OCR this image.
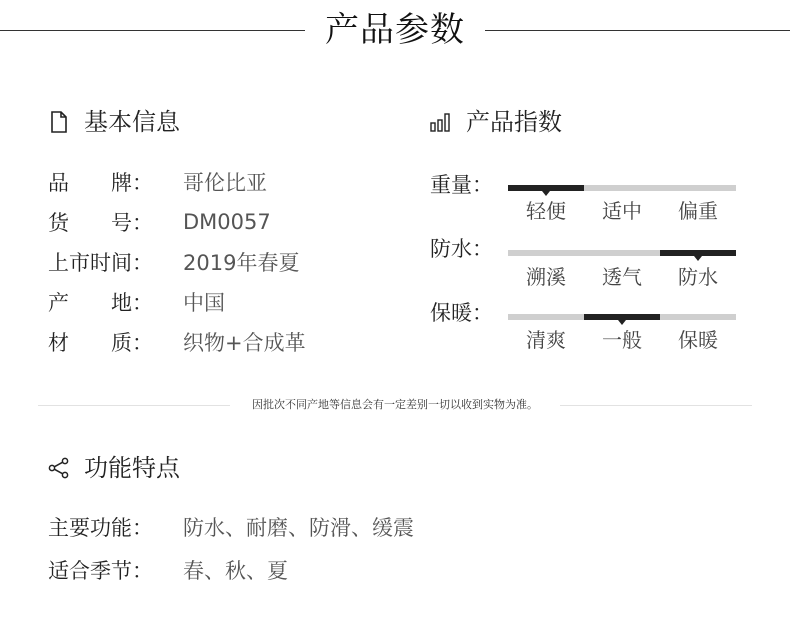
产品参数
基本信息
品　　牌：	哥伦比亚
货　　号：	DM0057
上市时间：	2019年春夏
产　　地：	中国
材　　质：	织物+合成革
产品指数
重量：
轻便	适中	偏重
防水：
溯溪	透气	防水
保暖：
清爽	一般	保暖
因批次不同产地等信息会有一定差别一切以收到实物为准。
功能特点
主要功能：	防水、耐磨、防滑、缓震
适合季节：	春、秋、夏
